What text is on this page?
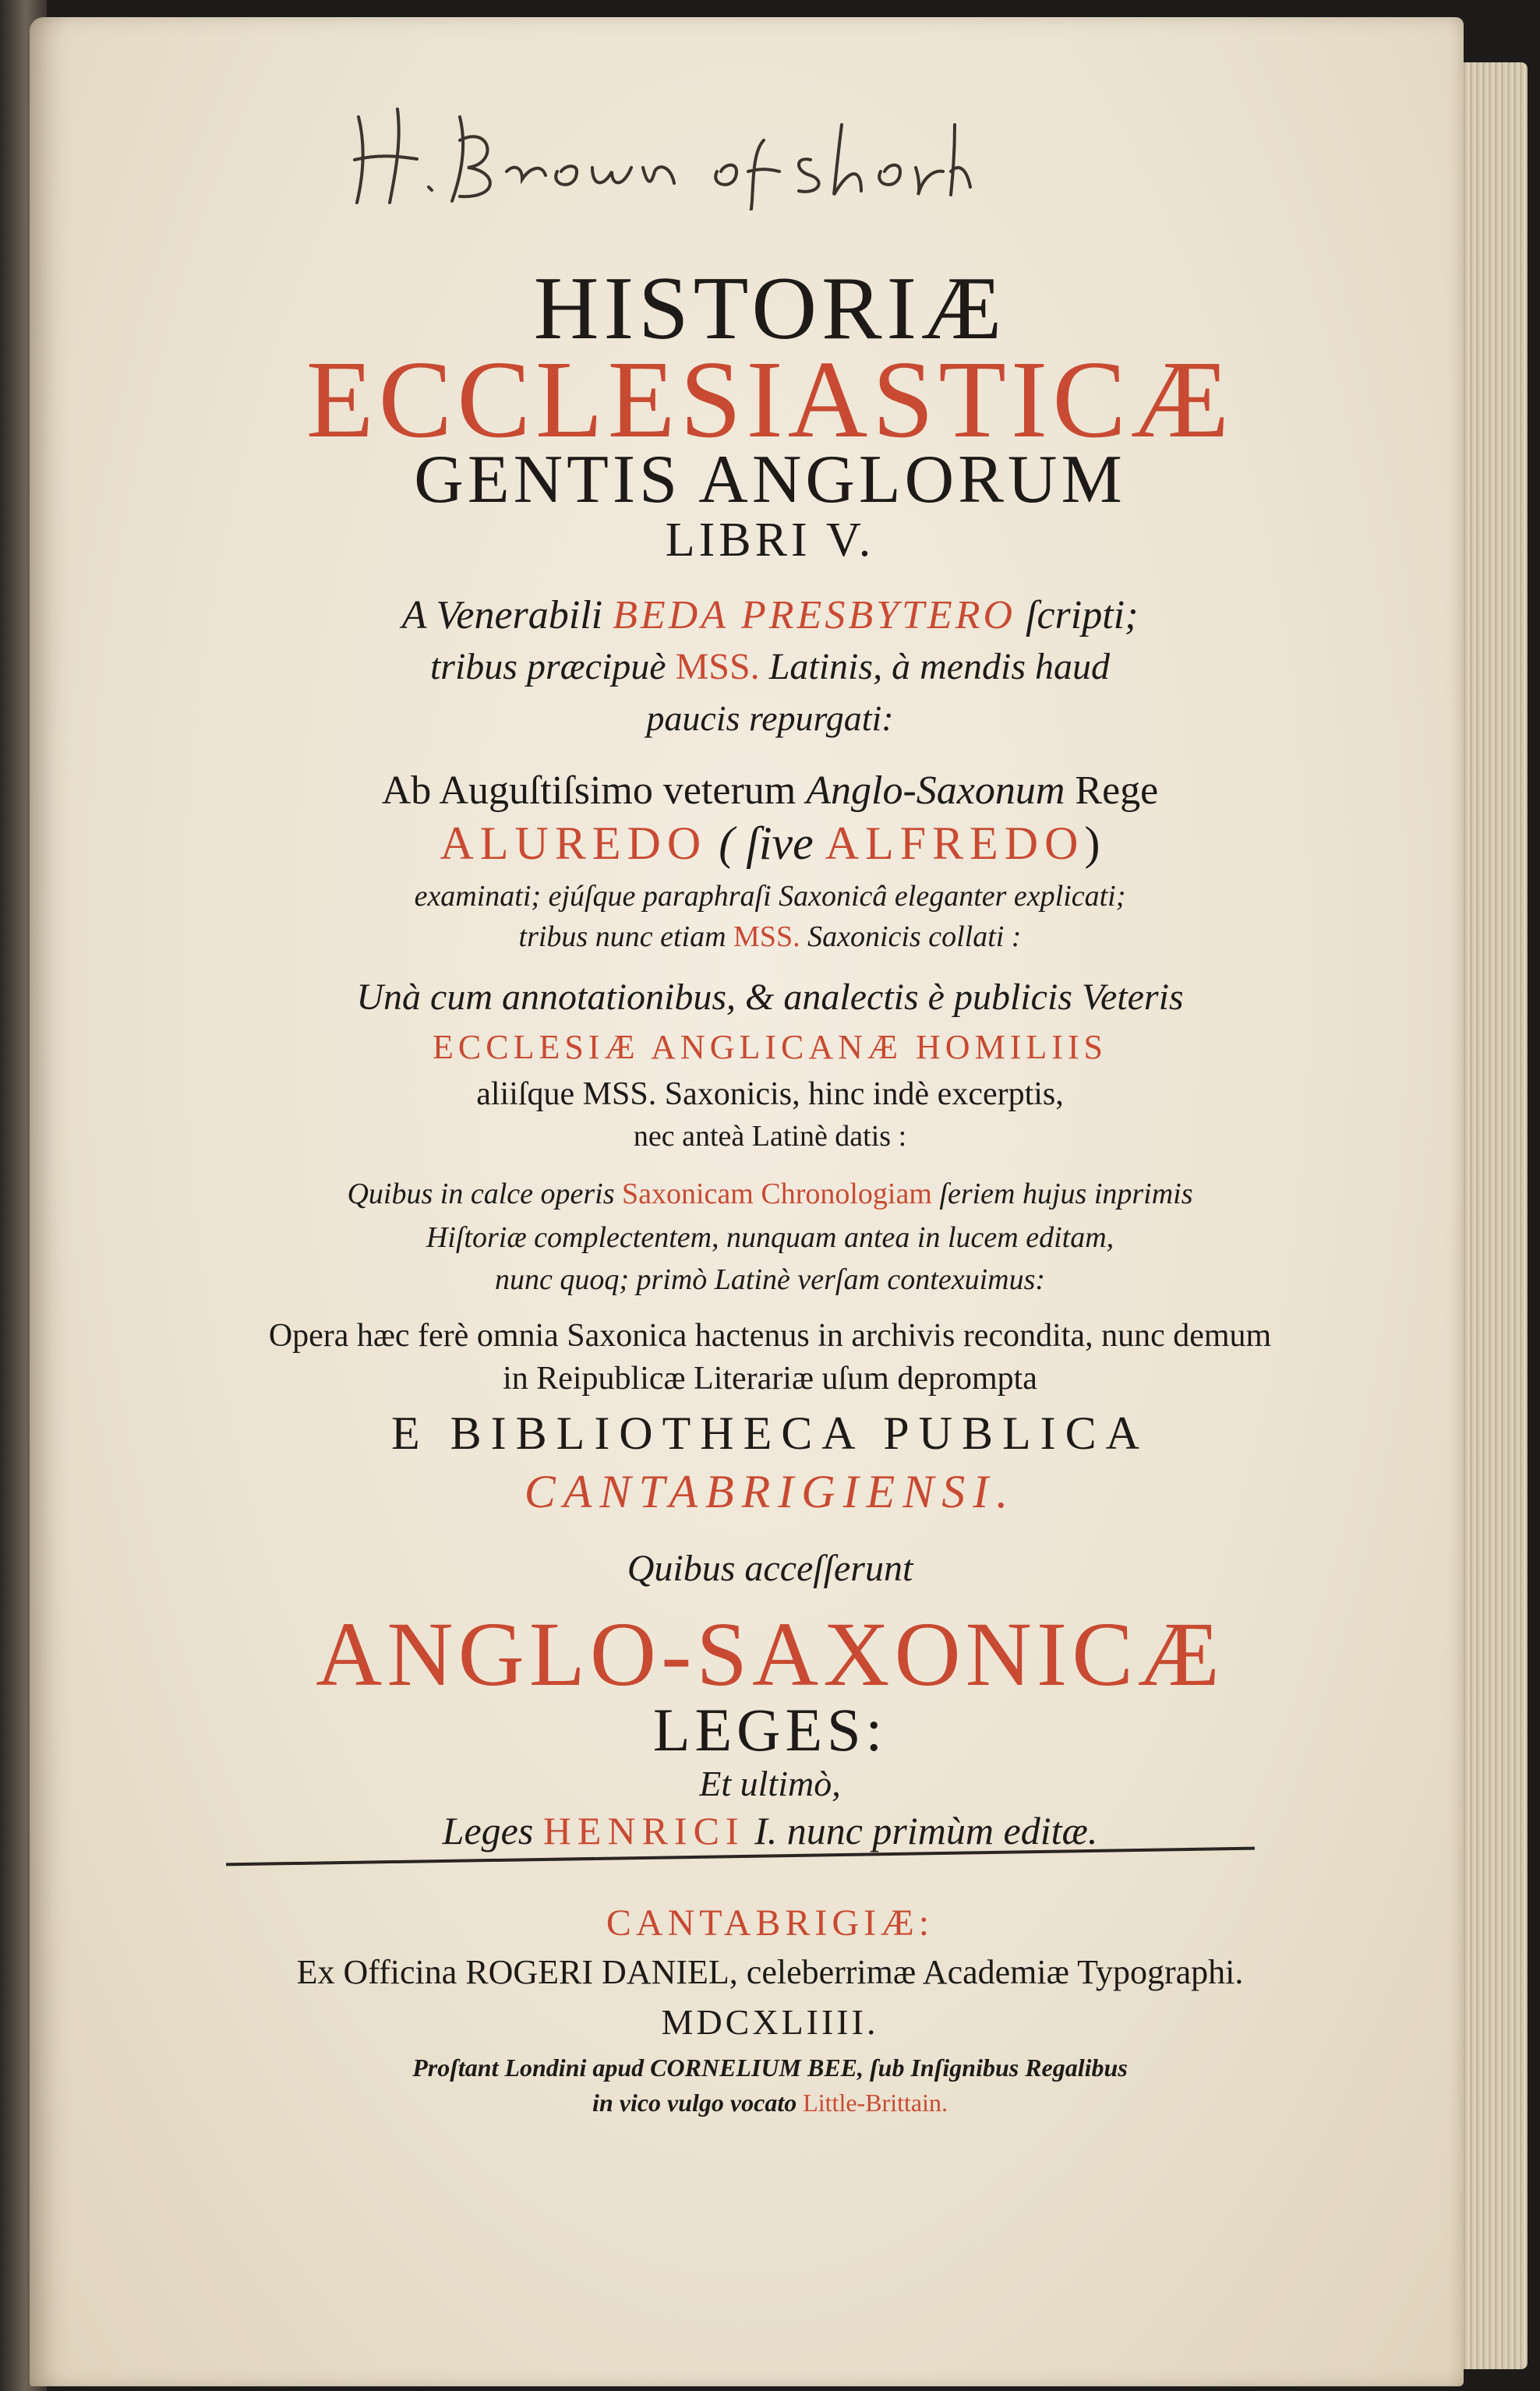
HISTORIÆ
ECCLESIASTICÆ
GENTIS ANGLORUM
LIBRI V.
A Venerabili BEDA PRESBYTERO ſcripti;
tribus præcipuè MSS. Latinis, à mendis haud
paucis repurgati:
Ab Auguſtiſsimo veterum Anglo-Saxonum Rege
ALUREDO ( ſive ALFREDO)
examinati; ejúſque paraphraſi Saxonicâ eleganter explicati;
tribus nunc etiam MSS. Saxonicis collati :
Unà cum annotationibus, & analectis è publicis Veteris
ECCLESIÆ ANGLICANÆ HOMILIIS
aliiſque MSS. Saxonicis, hinc indè excerptis,
nec anteà Latinè datis :
Quibus in calce operis Saxonicam Chronologiam ſeriem hujus inprimis
Hiſtoriæ complectentem, nunquam antea in lucem editam,
nunc quoq; primò Latinè verſam contexuimus:
Opera hæc ferè omnia Saxonica hactenus in archivis recondita, nunc demum
in Reipublicæ Literariæ uſum deprompta
E BIBLIOTHECA PUBLICA
CANTABRIGIENSI.
Quibus acceſſerunt
ANGLO-SAXONICÆ
LEGES:
Et ultimò,
Leges HENRICI I. nunc primùm editæ.
CANTABRIGIÆ:
Ex Officina ROGERI DANIEL, celeberrimæ Academiæ Typographi.
MDCXLIIII.
Proſtant Londini apud CORNELIUM BEE, ſub Inſignibus Regalibus
in vico vulgo vocato Little-Brittain.
